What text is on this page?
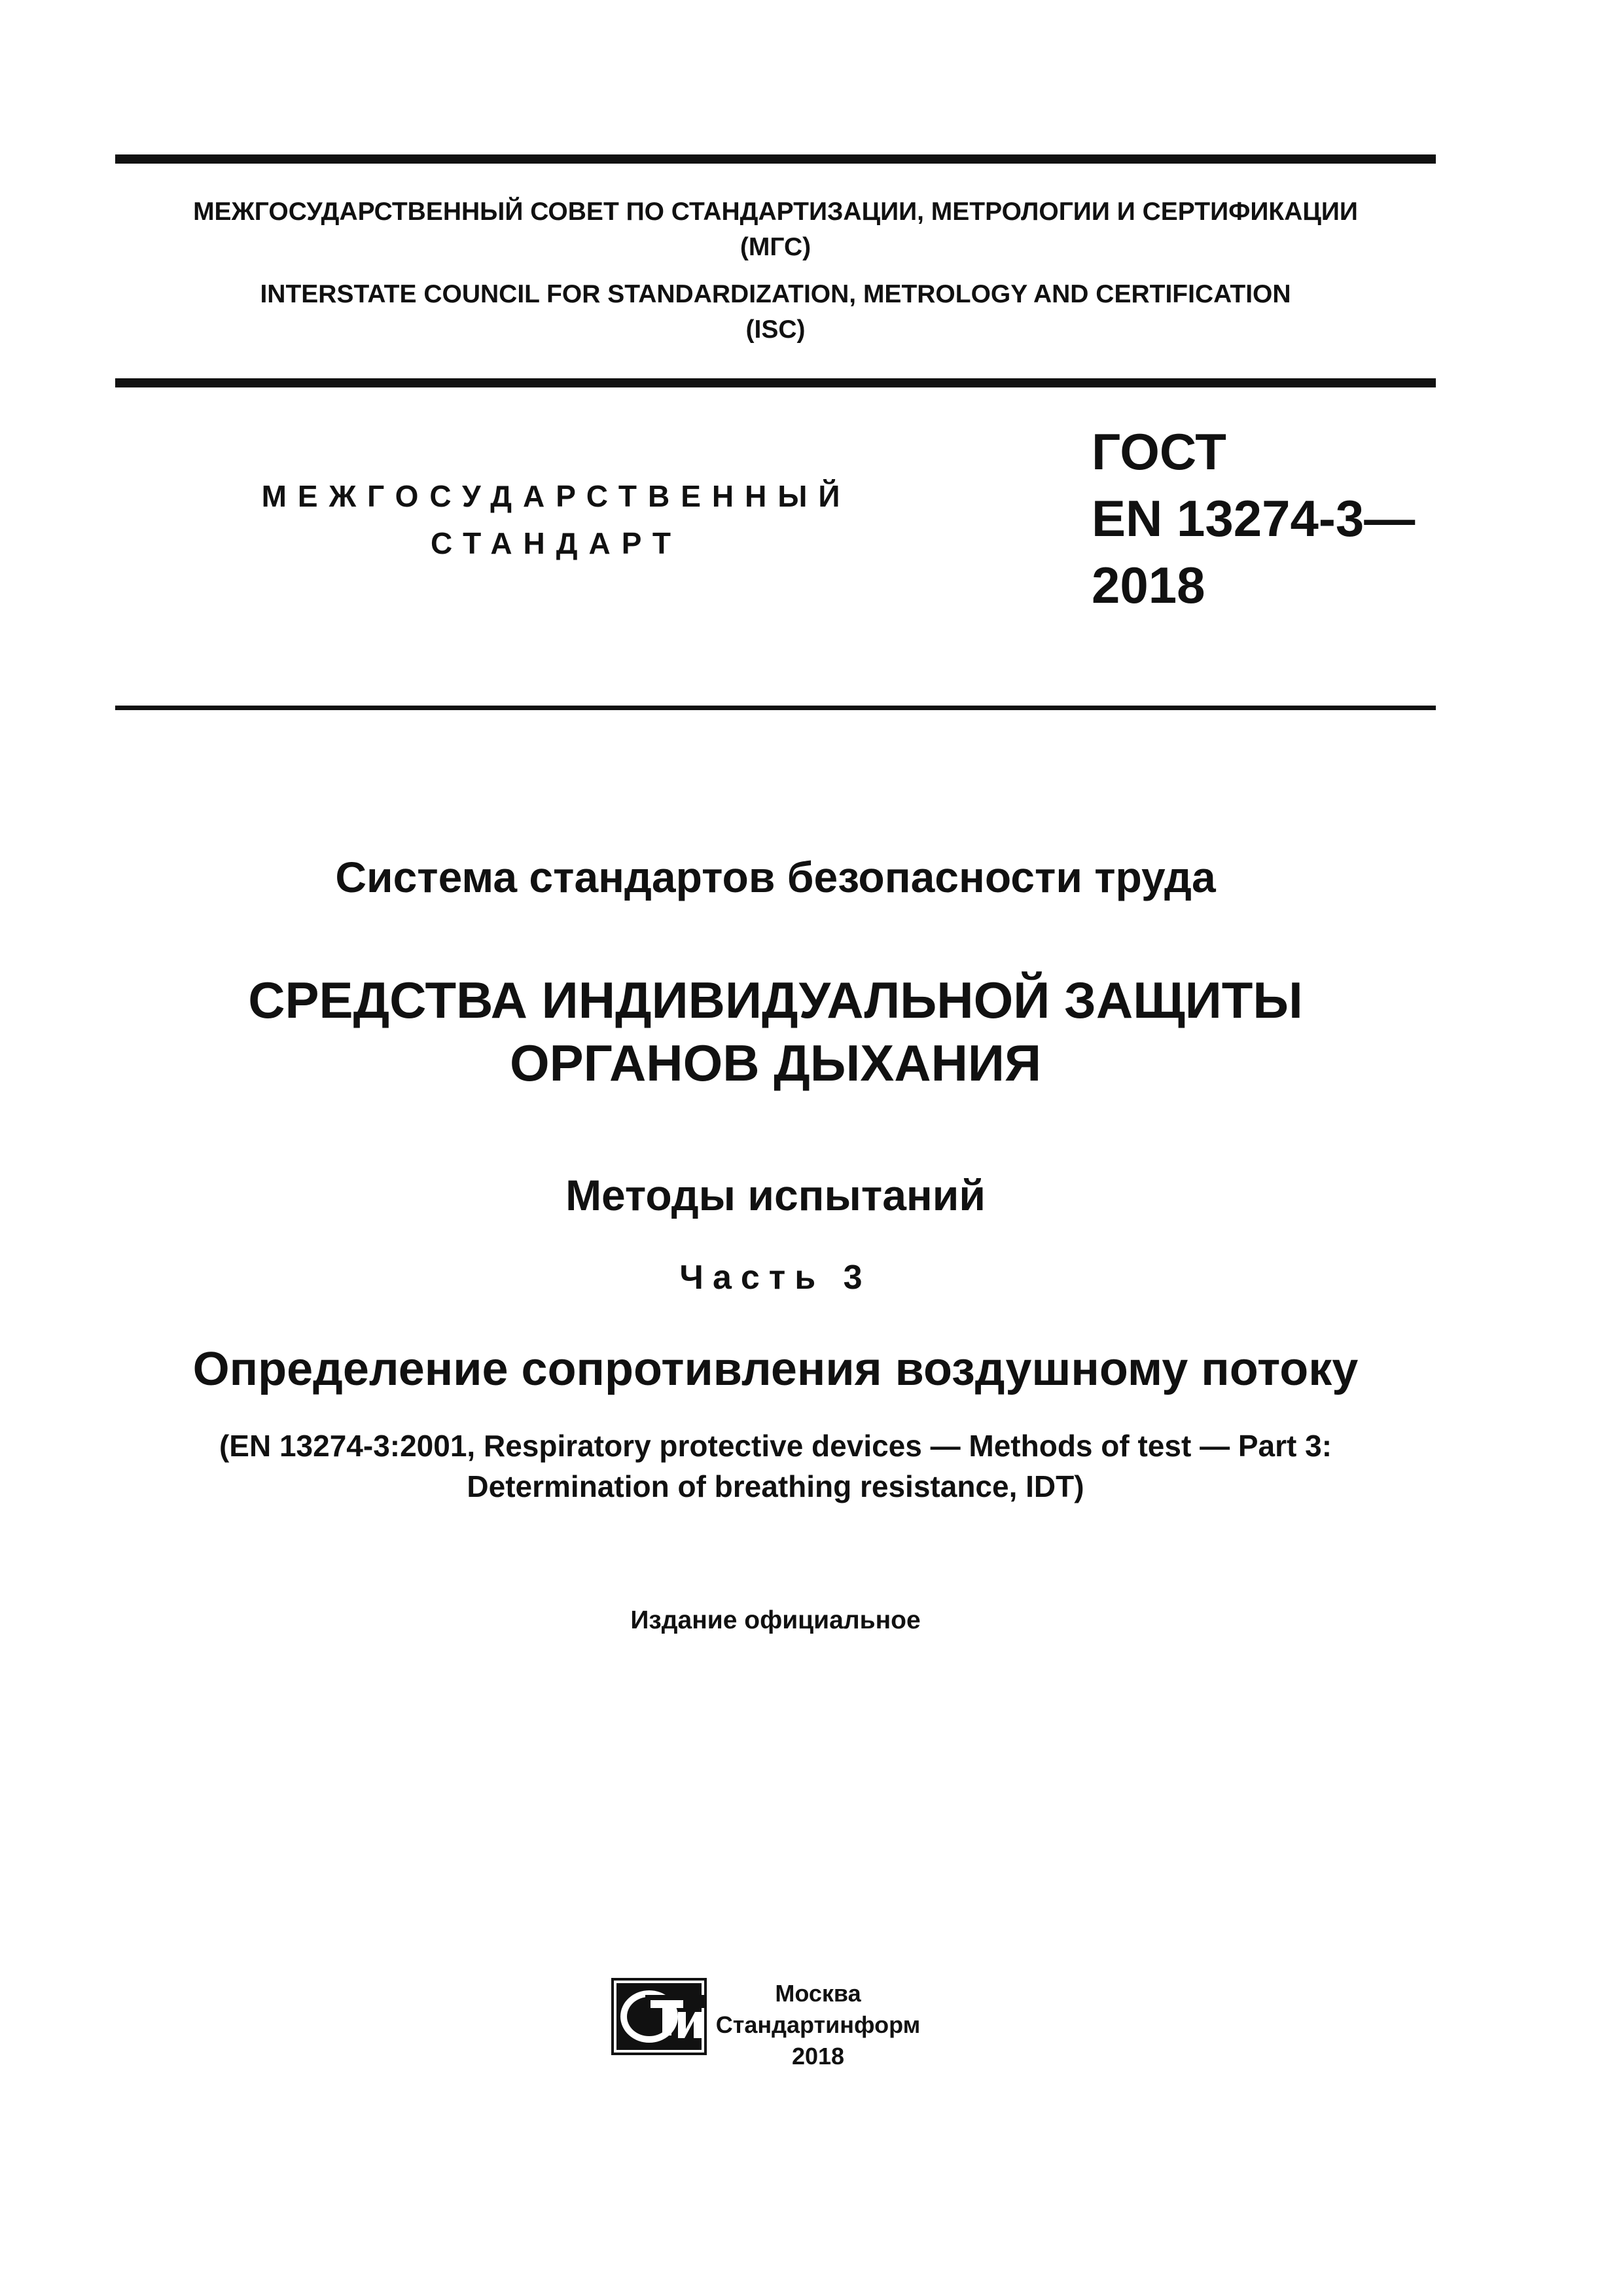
МЕЖГОСУДАРСТВЕННЫЙ СОВЕТ ПО СТАНДАРТИЗАЦИИ, МЕТРОЛОГИИ И СЕРТИФИКАЦИИ
(МГС)
INTERSTATE COUNCIL FOR STANDARDIZATION, METROLOGY AND CERTIFICATION
(ISC)
МЕЖГОСУДАРСТВЕННЫЙ
СТАНДАРТ
ГОСТ
EN 13274-3—
2018
Система стандартов безопасности труда
СРЕДСТВА ИНДИВИДУАЛЬНОЙ ЗАЩИТЫ
ОРГАНОВ ДЫХАНИЯ
Методы испытаний
Часть 3
Определение сопротивления воздушному потоку
(EN 13274-3:2001, Respiratory protective devices — Methods of test — Part 3:
Determination of breathing resistance, IDT)
Издание официальное
Москва
Стандартинформ
2018
